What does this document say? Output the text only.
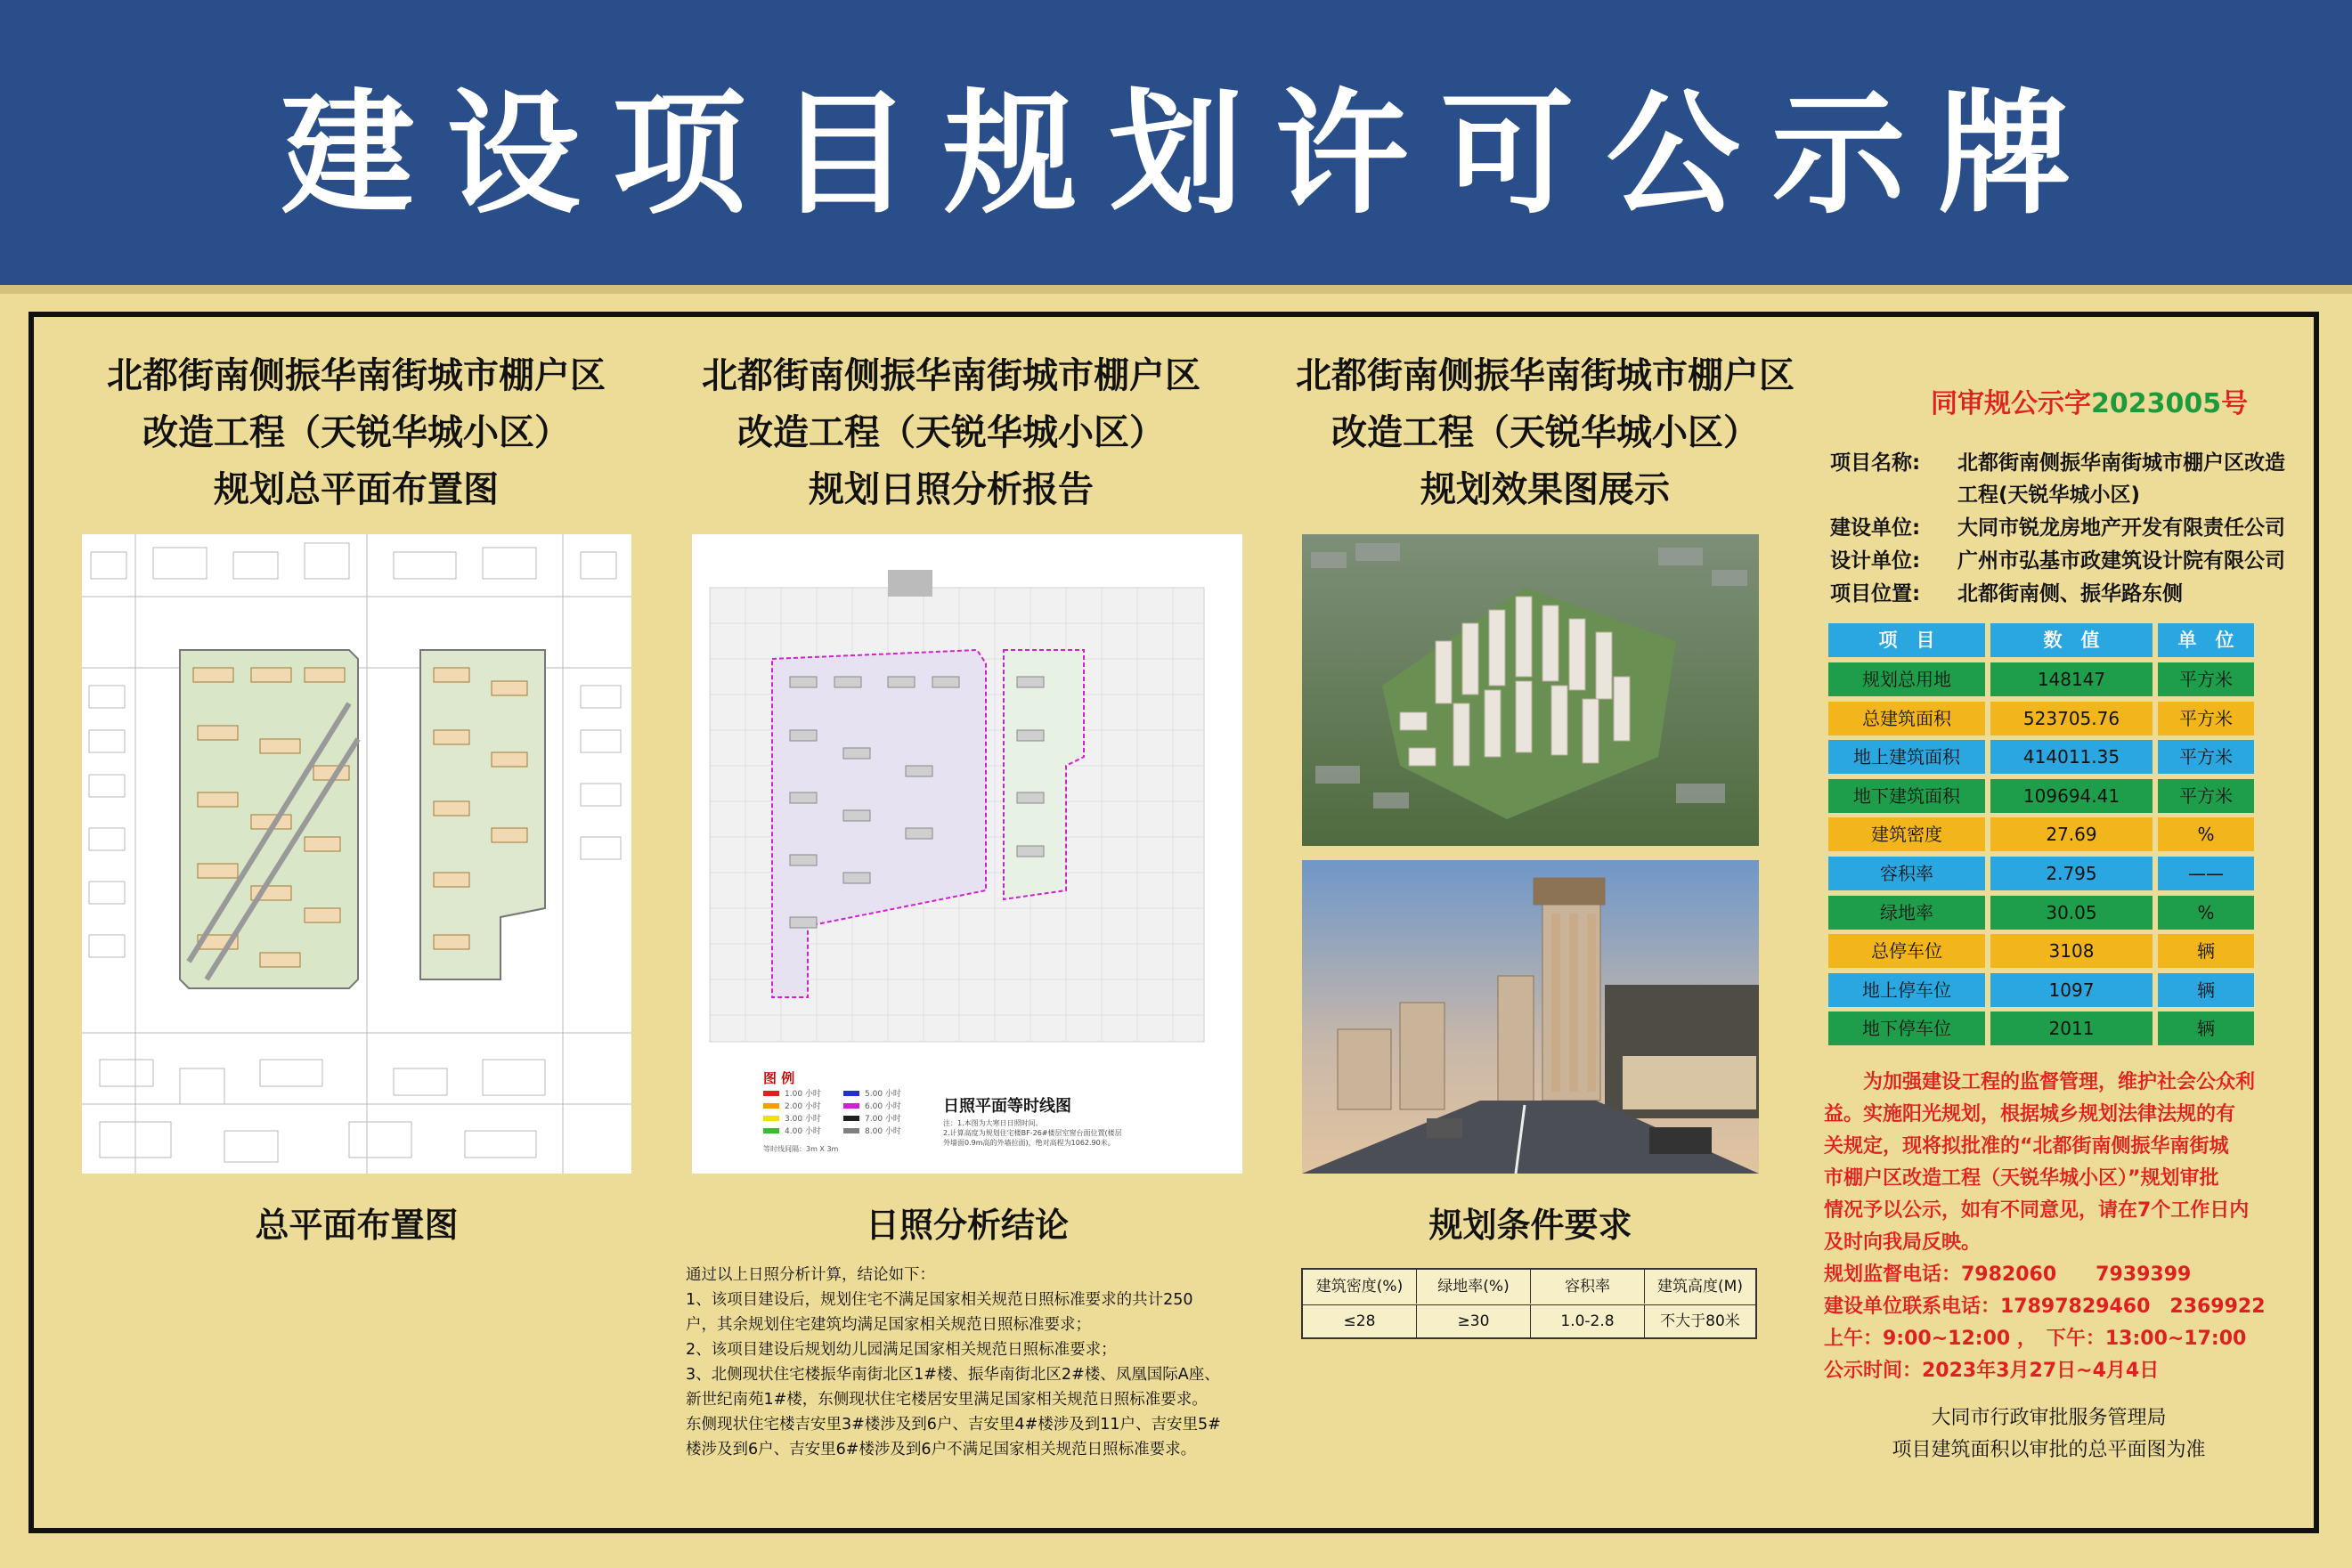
建设项目规划许可公示牌
北都街南侧振华南街城市棚户区
改造工程（天锐华城小区）
规划总平面布置图
总平面布置图
北都街南侧振华南街城市棚户区
改造工程（天锐华城小区）
规划日照分析报告
图 例
1.00 小时
2.00 小时
3.00 小时
4.00 小时
5.00 小时
6.00 小时
7.00 小时
8.00 小时
等时线间隔：3m X 3m
日照平面等时线图
注：1.本图为大寒日日照时间。
2.计算高度为规划住宅楼BF-26#楼层室窗台面位置(楼层
外墙面0.9m高的外墙拉面)，绝对高程为1062.90米。
日照分析结论
通过以上日照分析计算，结论如下：
1、该项目建设后，规划住宅不满足国家相关规范日照标准要求的共计250
户，其余规划住宅建筑均满足国家相关规范日照标准要求；
2、该项目建设后规划幼儿园满足国家相关规范日照标准要求；
3、北侧现状住宅楼振华南街北区1#楼、振华南街北区2#楼、凤凰国际A座、
新世纪南苑1#楼，东侧现状住宅楼居安里满足国家相关规范日照标准要求。
东侧现状住宅楼吉安里3#楼涉及到6户、吉安里4#楼涉及到11户、吉安里5#
楼涉及到6户、吉安里6#楼涉及到6户不满足国家相关规范日照标准要求。
北都街南侧振华南街城市棚户区
改造工程（天锐华城小区）
规划效果图展示
规划条件要求
建筑密度(%)	绿地率(%)	容积率	建筑高度(M)
≤28	≥30	1.0-2.8	不大于80米
同审规公示字2023005号
项目名称:	北都街南侧振华南街城市棚户区改造
工程(天锐华城小区)
建设单位:	大同市锐龙房地产开发有限责任公司
设计单位:	广州市弘基市政建筑设计院有限公司
项目位置:	北都街南侧、振华路东侧
项　目	数　值	单　位
规划总用地	148147	平方米
总建筑面积	523705.76	平方米
地上建筑面积	414011.35	平方米
地下建筑面积	109694.41	平方米
建筑密度	27.69	%
容积率	2.795	——
绿地率	30.05	%
总停车位	3108	辆
地上停车位	1097	辆
地下停车位	2011	辆
　　为加强建设工程的监督管理，维护社会公众利
益。实施阳光规划，根据城乡规划法律法规的有
关规定，现将拟批准的“北都街南侧振华南街城
市棚户区改造工程（天锐华城小区）”规划审批
情况予以公示，如有不同意见，请在7个工作日内
及时向我局反映。
规划监督电话：7982060　　7939399
建设单位联系电话：17897829460　2369922
上午：9:00~12:00 ，　下午：13:00~17:00
公示时间：2023年3月27日~4月4日
大同市行政审批服务管理局
项目建筑面积以审批的总平面图为准
